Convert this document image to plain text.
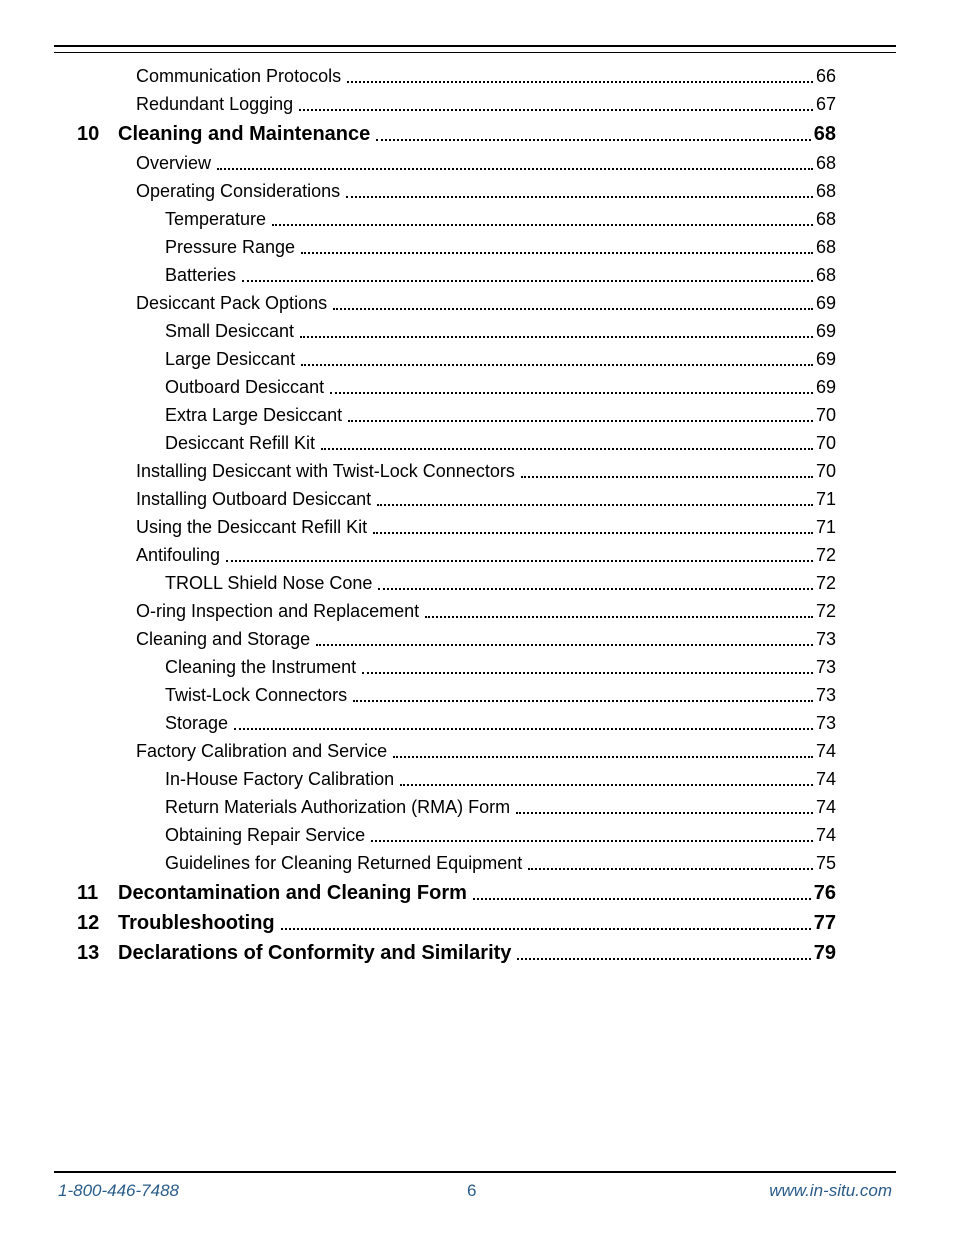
Communication Protocols	66
Redundant Logging	67
10 Cleaning and Maintenance	68
Overview	68
Operating Considerations	68
Temperature	68
Pressure Range	68
Batteries	68
Desiccant Pack Options	69
Small Desiccant	69
Large Desiccant	69
Outboard Desiccant	69
Extra Large Desiccant	70
Desiccant Refill Kit	70
Installing Desiccant with Twist-Lock Connectors	70
Installing Outboard Desiccant	71
Using the Desiccant Refill Kit	71
Antifouling	72
TROLL Shield Nose Cone	72
O-ring Inspection and Replacement	72
Cleaning and Storage	73
Cleaning the Instrument	73
Twist-Lock Connectors	73
Storage	73
Factory Calibration and Service	74
In-House Factory Calibration	74
Return Materials Authorization (RMA) Form	74
Obtaining Repair Service	74
Guidelines for Cleaning Returned Equipment	75
11 Decontamination and Cleaning Form	76
12 Troubleshooting	77
13 Declarations of Conformity and Similarity	79
1-800-446-7488	6	www.in-situ.com
